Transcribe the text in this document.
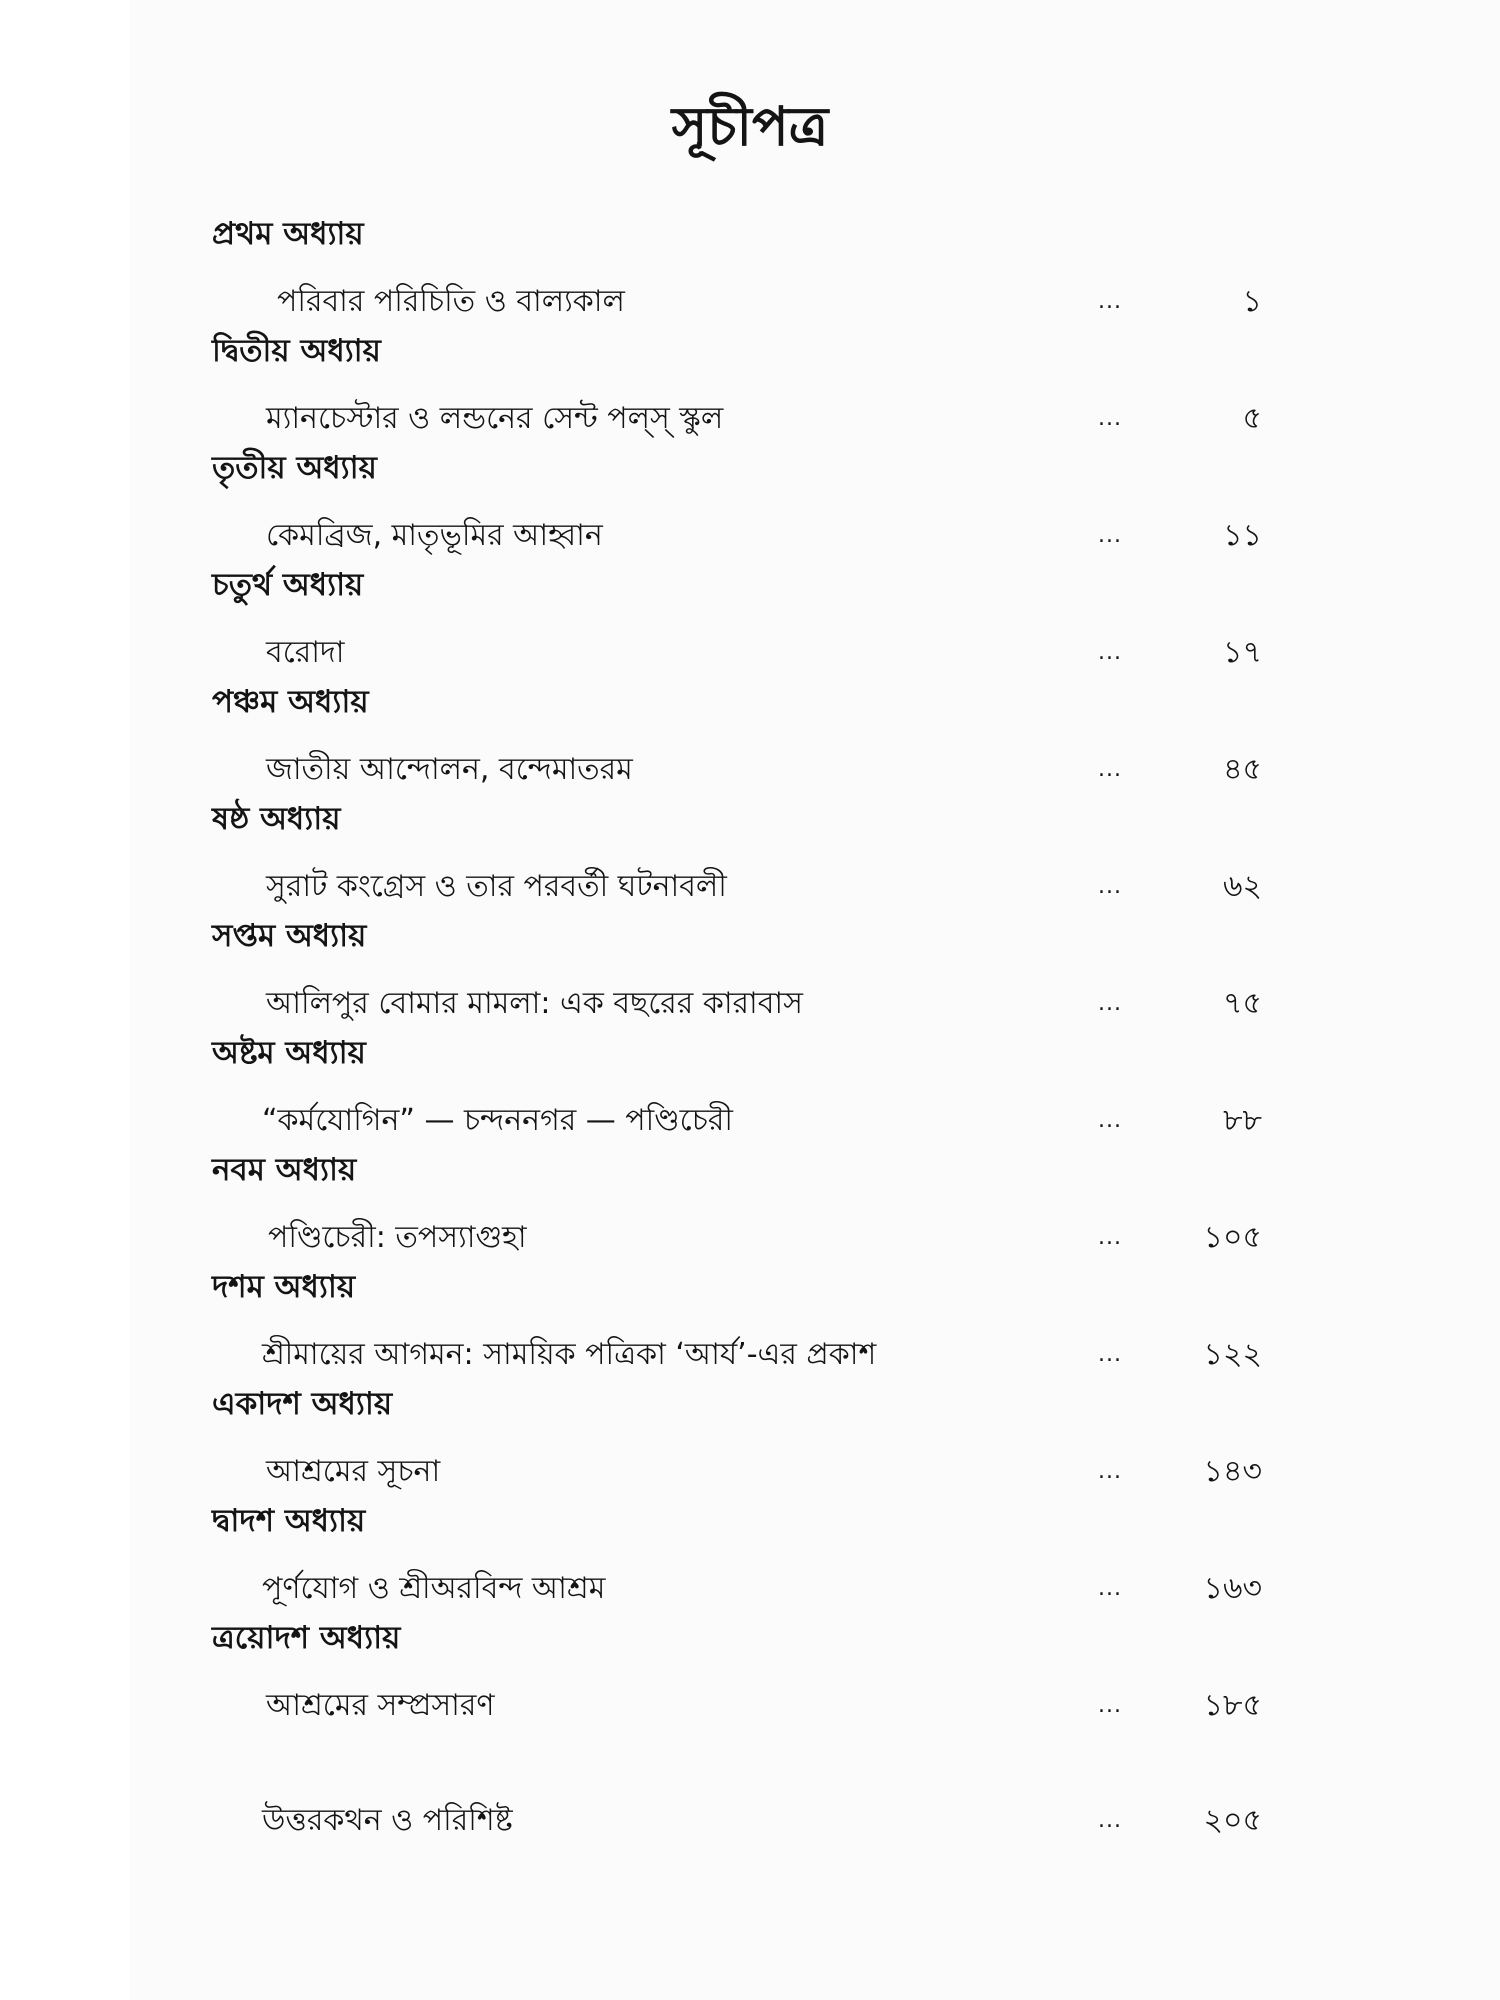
সূচীপত্র
প্রথম অধ্যায়
পরিবার পরিচিতি ও বাল্যকাল	...	১
দ্বিতীয় অধ্যায়
ম্যানচেস্টার ও লন্ডনের সেন্ট পল্‌স্‌ স্কুল	...	৫
তৃতীয় অধ্যায়
কেমব্রিজ, মাতৃভূমির আহ্বান	...	১১
চতুর্থ অধ্যায়
বরোদা	...	১৭
পঞ্চম অধ্যায়
জাতীয় আন্দোলন, বন্দেমাতরম	...	৪৫
ষষ্ঠ অধ্যায়
সুরাট কংগ্রেস ও তার পরবর্তী ঘটনাবলী	...	৬২
সপ্তম অধ্যায়
আলিপুর বোমার মামলা: এক বছরের কারাবাস	...	৭৫
অষ্টম অধ্যায়
“কর্মযোগিন” — চন্দননগর — পণ্ডিচেরী	...	৮৮
নবম অধ্যায়
পণ্ডিচেরী: তপস্যাগুহা	...	১০৫
দশম অধ্যায়
শ্রীমায়ের আগমন: সাময়িক পত্রিকা ‘আর্য’-এর প্রকাশ	...	১২২
একাদশ অধ্যায়
আশ্রমের সূচনা	...	১৪৩
দ্বাদশ অধ্যায়
পূর্ণযোগ ও শ্রীঅরবিন্দ আশ্রম	...	১৬৩
ত্রয়োদশ অধ্যায়
আশ্রমের সম্প্রসারণ	...	১৮৫
উত্তরকথন ও পরিশিষ্ট	...	২০৫
